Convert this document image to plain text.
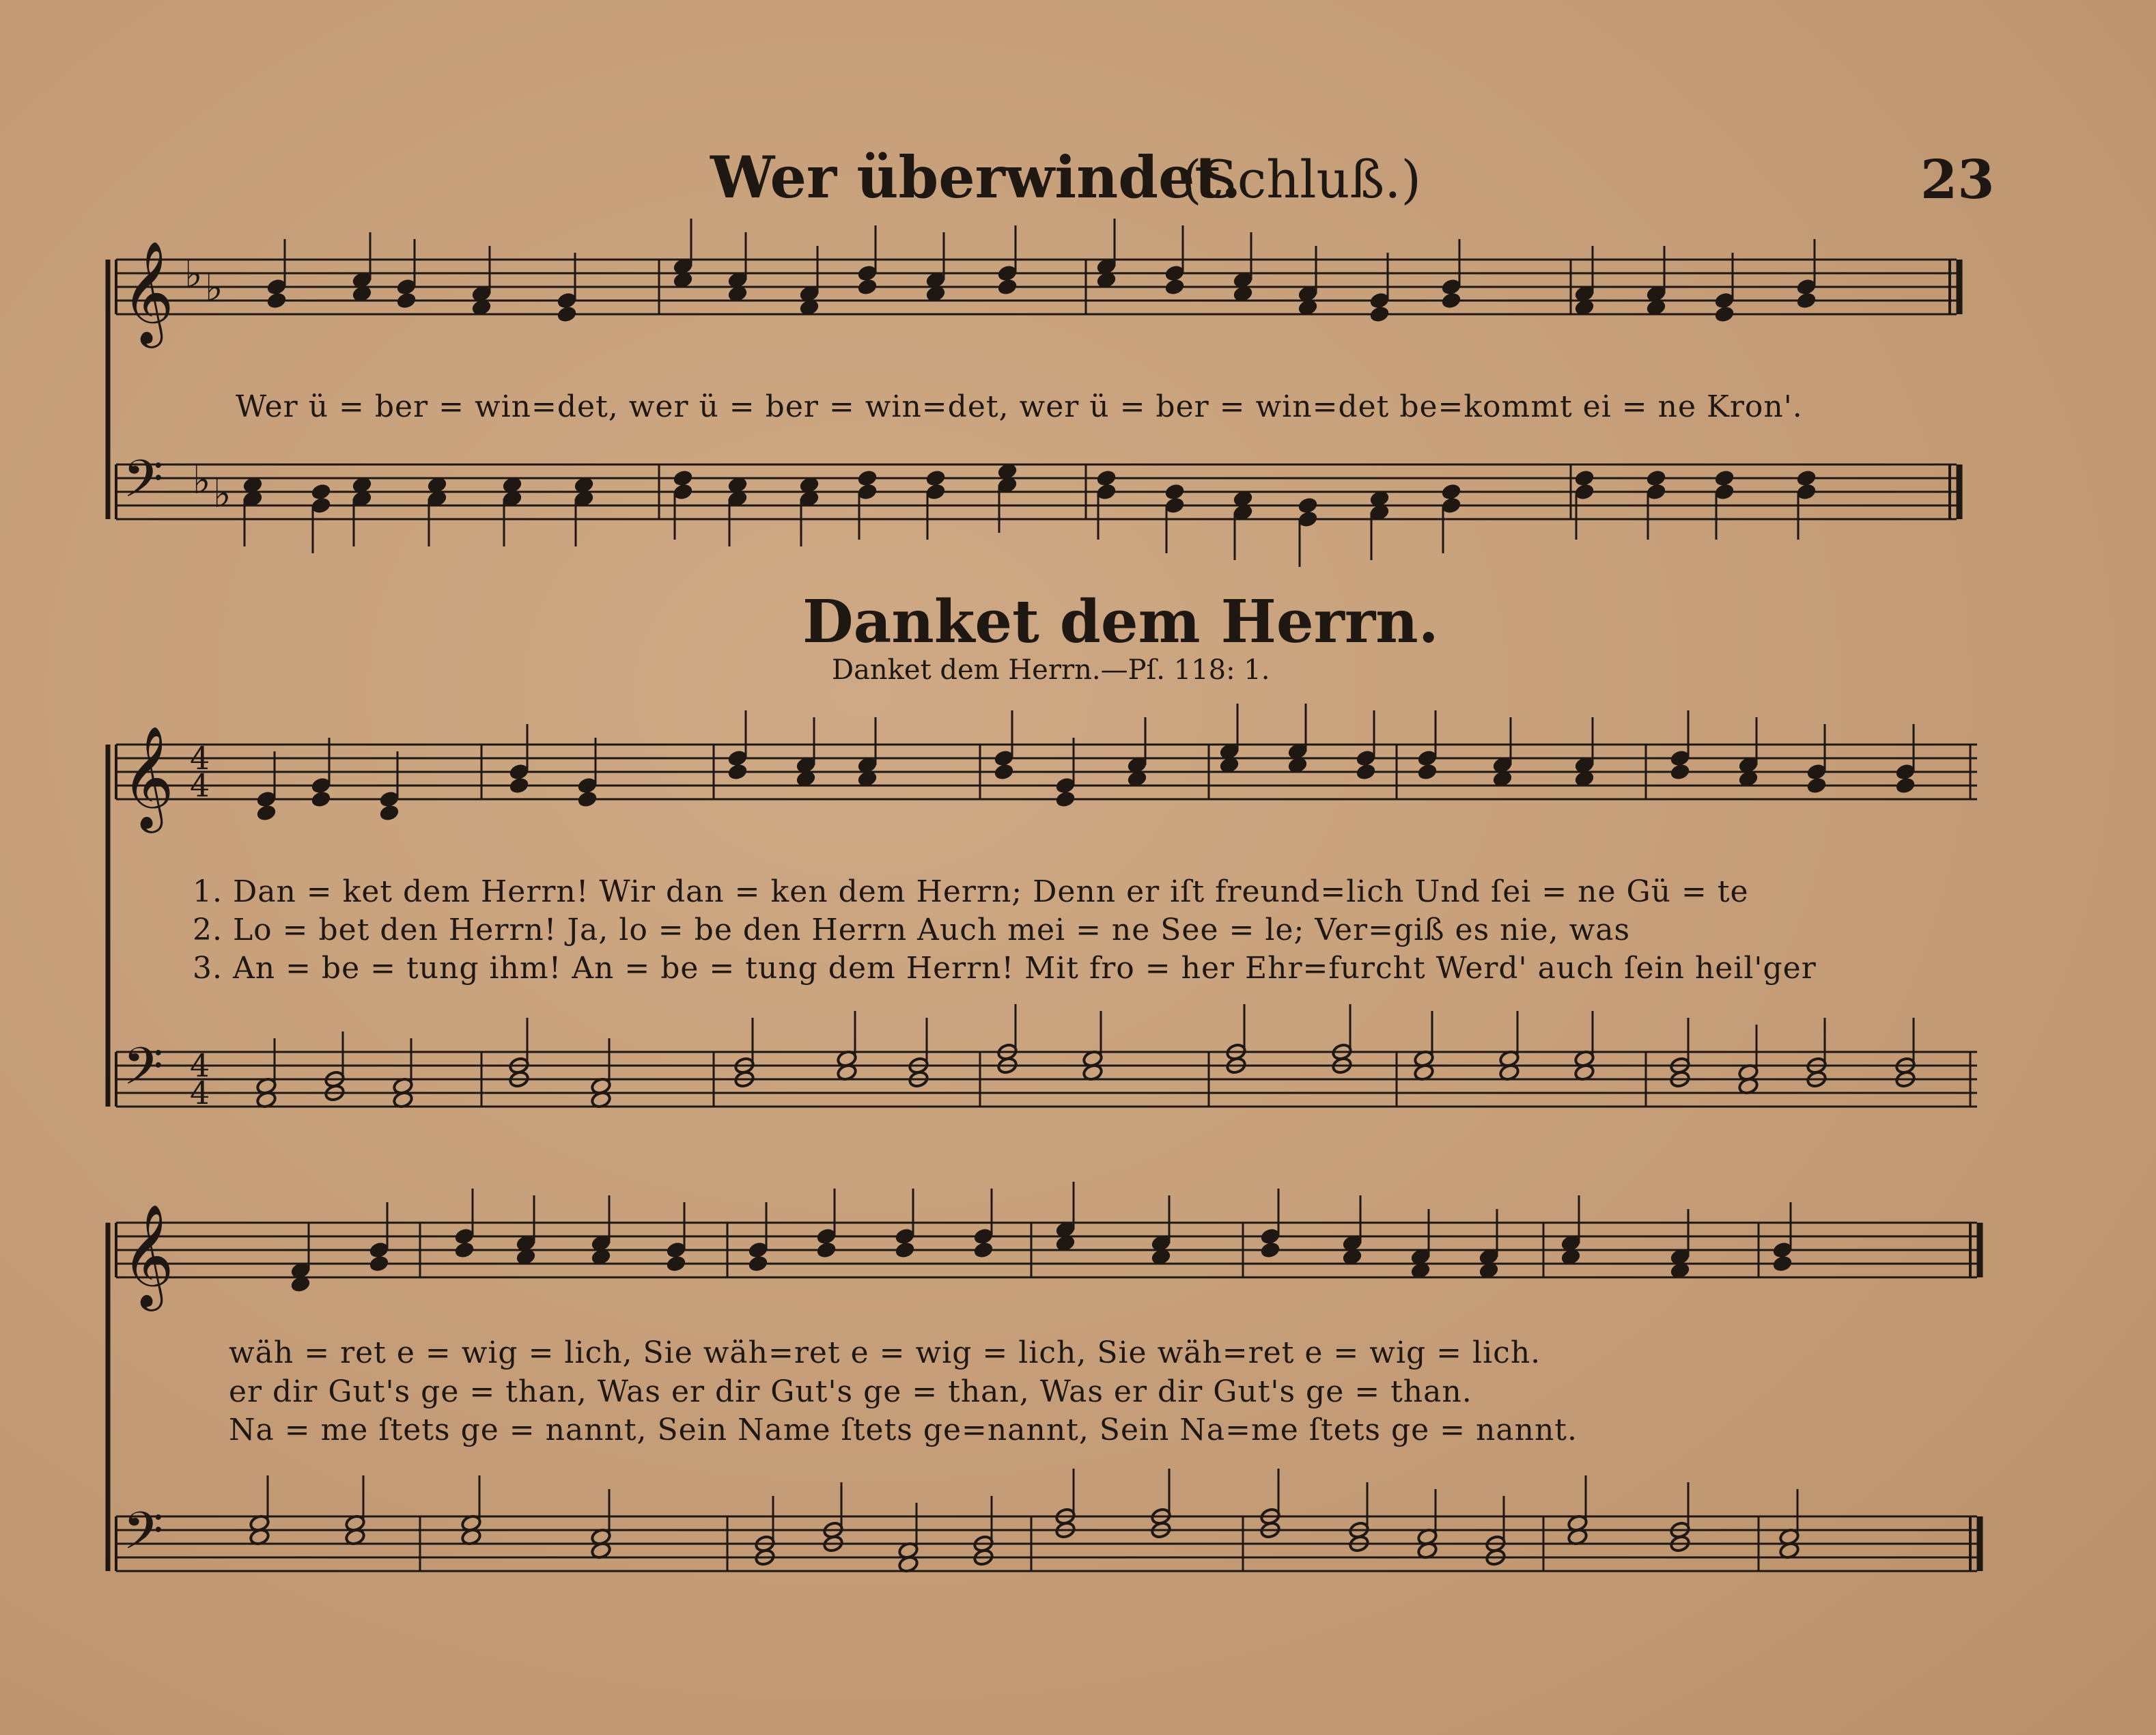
𝄞
𝄢
𝄞
𝄢
𝄞
𝄢
♭ ♭
♭ ♭
4
4
4
4
Wer überwindet.
(Schluß.)	23
Wer ü = ber = win=det, wer ü = ber = win=det, wer ü = ber = win=det be=kommt ei = ne Kron'.
Danket dem Herrn.
Danket dem Herrn.—Pſ. 118: 1.
1. Dan = ket dem Herrn! Wir dan = ken dem Herrn; Denn er iſt freund=lich Und ſei = ne Gü = te
2. Lo = bet den Herrn! Ja, lo = be den Herrn Auch mei = ne See = le; Ver=giß es nie, was
3. An = be = tung ihm! An = be = tung dem Herrn! Mit fro = her Ehr=furcht Werd' auch ſein heil'ger
wäh = ret e = wig = lich, Sie wäh=ret e = wig = lich, Sie wäh=ret e = wig = lich.
er dir Gut's ge = than, Was er dir Gut's ge = than, Was er dir Gut's ge = than.
Na = me ſtets ge = nannt, Sein Name ſtets ge=nannt, Sein Na=me ſtets ge = nannt.
